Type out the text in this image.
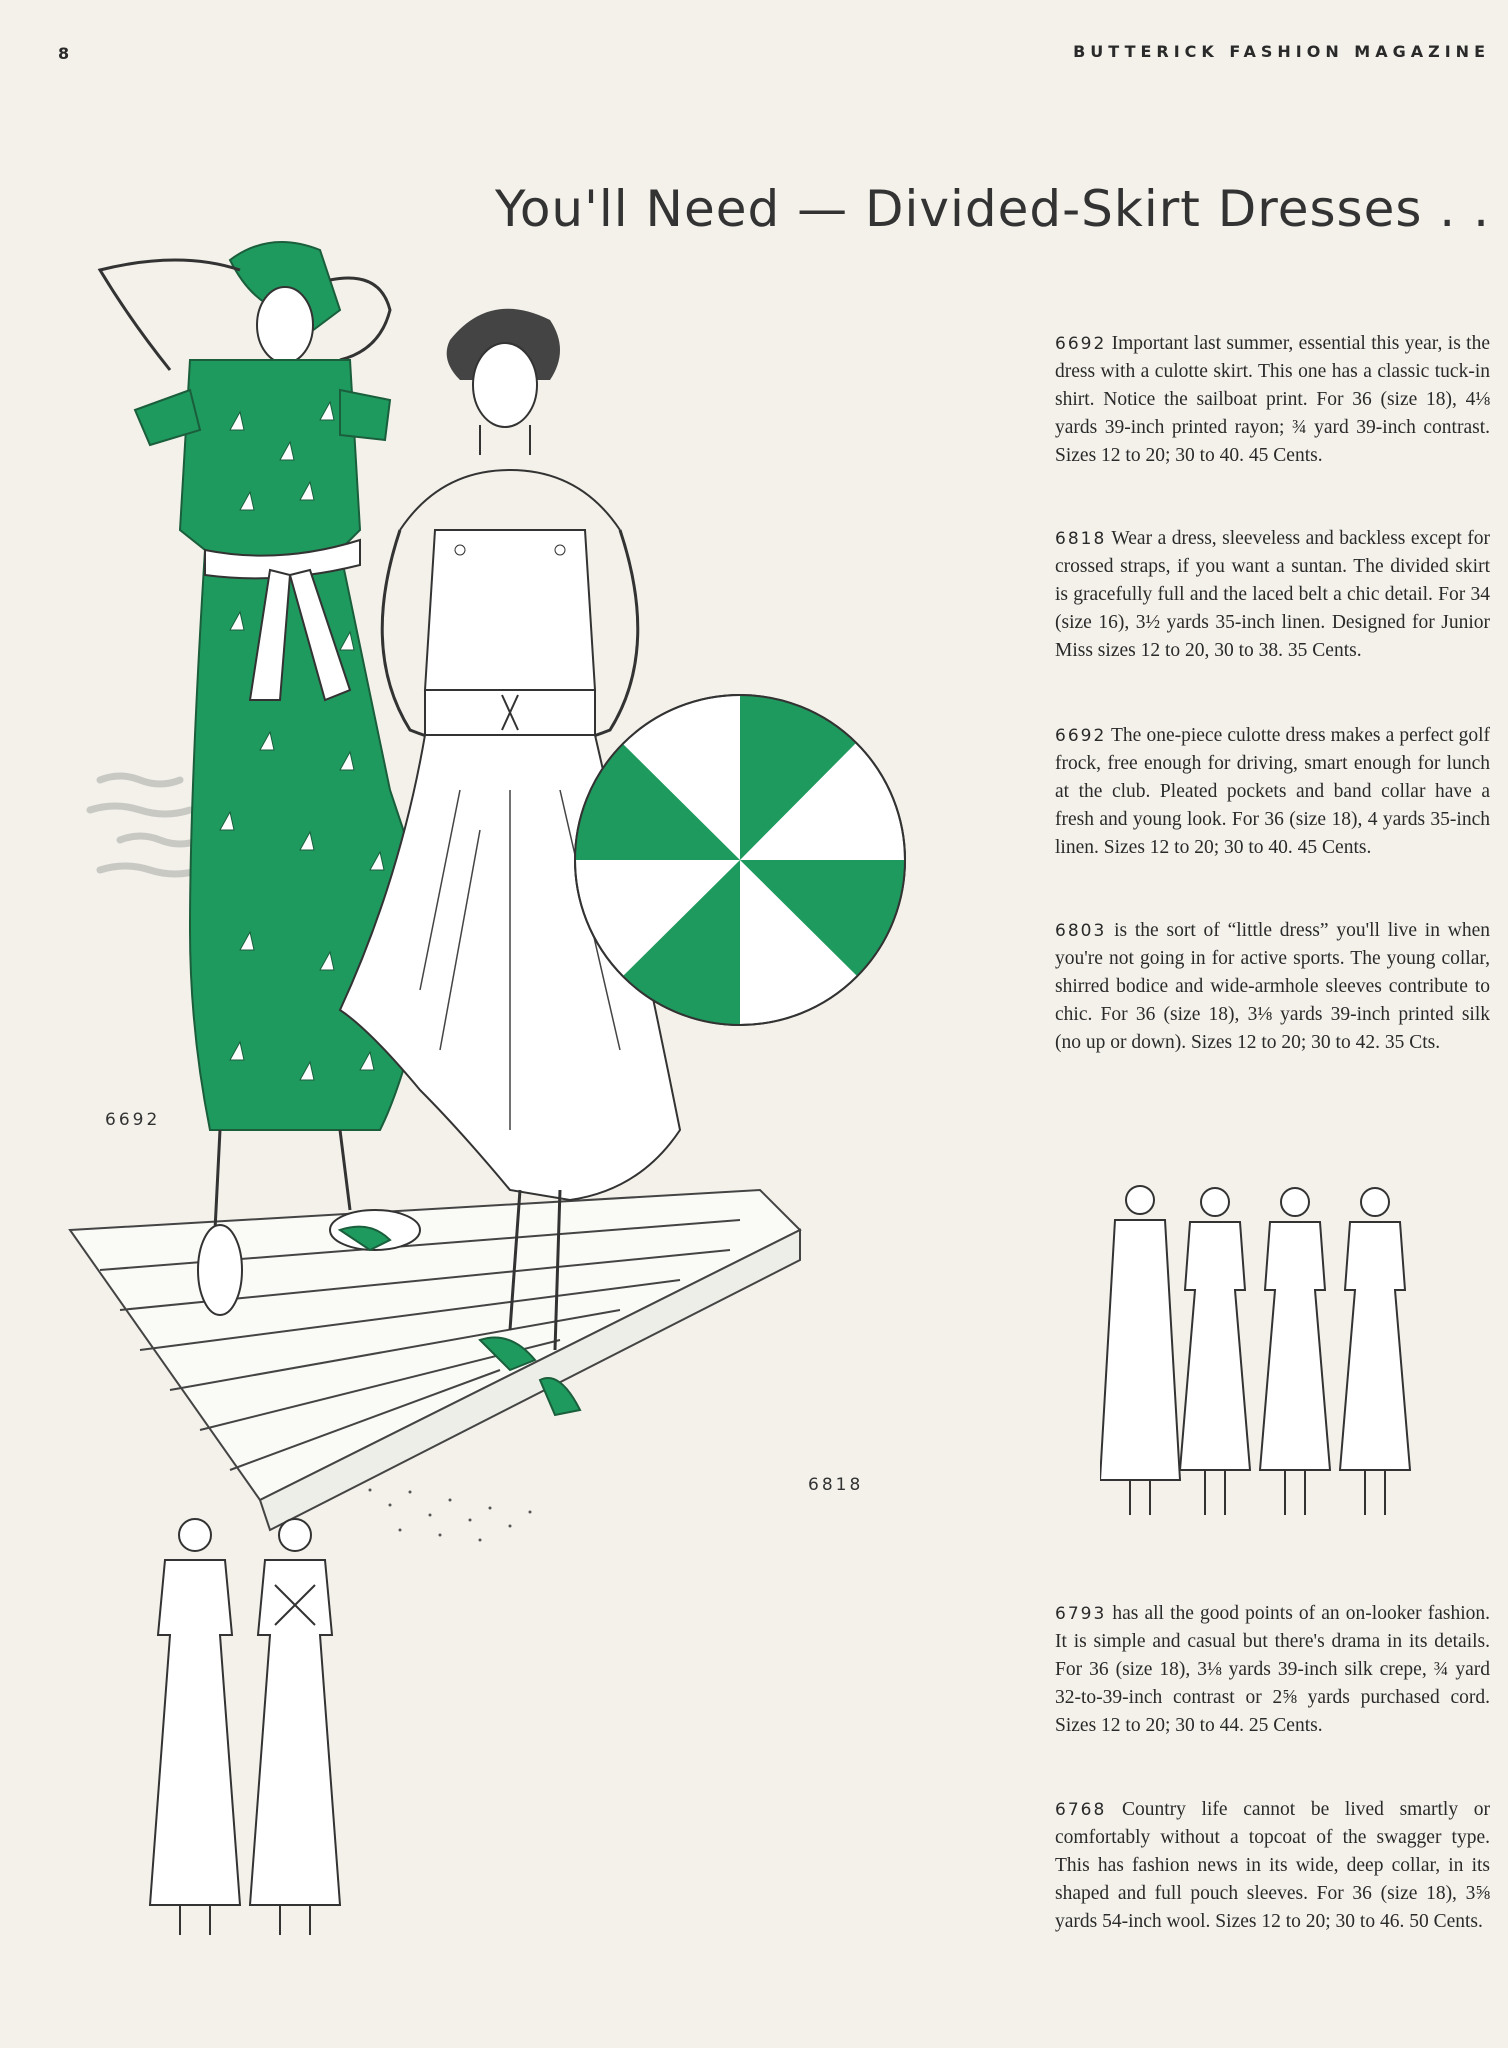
8	BUTTERICK FASHION MAGAZINE
You'll Need — Divided-Skirt Dresses . .
6692
6818
6692 Important last summer, essential this year, is the dress with a culotte skirt. This one has a classic tuck-in shirt. Notice the sailboat print. For 36 (size 18), 4⅛ yards 39-inch printed rayon; ¾ yard 39-inch contrast. Sizes 12 to 20; 30 to 40. 45 Cents.
6818 Wear a dress, sleeveless and backless except for crossed straps, if you want a suntan. The divided skirt is gracefully full and the laced belt a chic detail. For 34 (size 16), 3½ yards 35-inch linen. Designed for Junior Miss sizes 12 to 20, 30 to 38. 35 Cents.
6692 The one-piece culotte dress makes a perfect golf frock, free enough for driving, smart enough for lunch at the club. Pleated pockets and band collar have a fresh and young look. For 36 (size 18), 4 yards 35-inch linen. Sizes 12 to 20; 30 to 40. 45 Cents.
6803 is the sort of “little dress” you'll live in when you're not going in for active sports. The young collar, shirred bodice and wide-armhole sleeves contribute to chic. For 36 (size 18), 3⅛ yards 39-inch printed silk (no up or down). Sizes 12 to 20; 30 to 42. 35 Cts.
6793 has all the good points of an on-looker fashion. It is simple and casual but there's drama in its details. For 36 (size 18), 3⅛ yards 39-inch silk crepe, ¾ yard 32-to-39-inch contrast or 2⅝ yards purchased cord. Sizes 12 to 20; 30 to 44. 25 Cents.
6768 Country life cannot be lived smartly or comfortably without a topcoat of the swagger type. This has fashion news in its wide, deep collar, in its shaped and full pouch sleeves. For 36 (size 18), 3⅝ yards 54-inch wool. Sizes 12 to 20; 30 to 46. 50 Cents.
